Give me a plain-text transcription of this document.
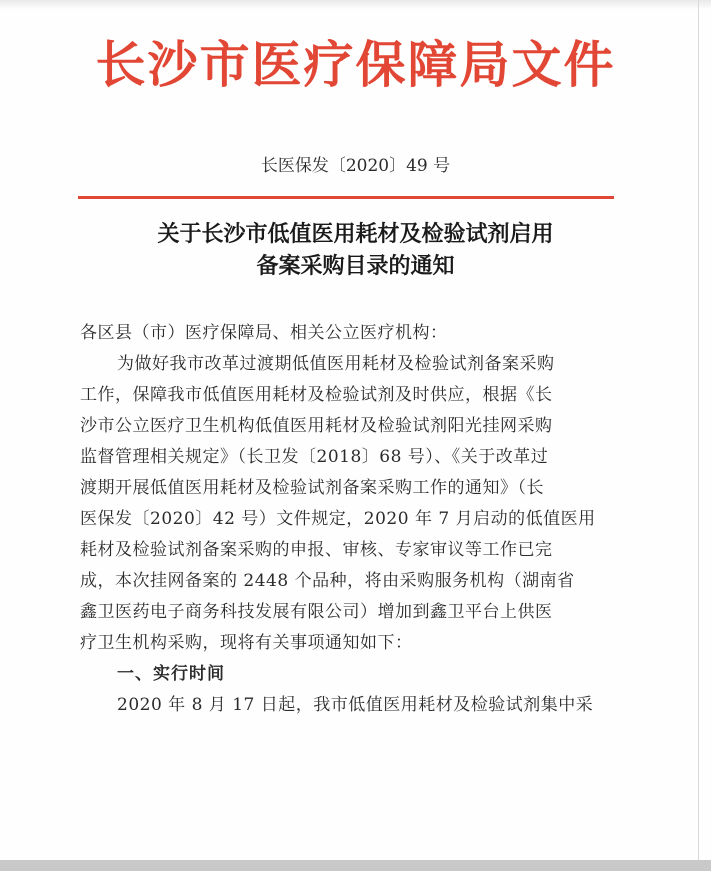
长沙市医疗保障局文件
长医保发〔2020〕49 号
关于长沙市低值医用耗材及检验试剂启用
备案采购目录的通知
各区县（市）医疗保障局、相关公立医疗机构：
为做好我市改革过渡期低值医用耗材及检验试剂备案采购
工作，保障我市低值医用耗材及检验试剂及时供应，根据《长
沙市公立医疗卫生机构低值医用耗材及检验试剂阳光挂网采购
监督管理相关规定》（长卫发〔2018〕68 号）、《关于改革过
渡期开展低值医用耗材及检验试剂备案采购工作的通知》（长
医保发〔2020〕42 号）文件规定，2020 年 7 月启动的低值医用
耗材及检验试剂备案采购的申报、审核、专家审议等工作已完
成，本次挂网备案的 2448 个品种，将由采购服务机构（湖南省
鑫卫医药电子商务科技发展有限公司）增加到鑫卫平台上供医
疗卫生机构采购，现将有关事项通知如下：
一、实行时间
2020 年 8 月 17 日起，我市低值医用耗材及检验试剂集中采
